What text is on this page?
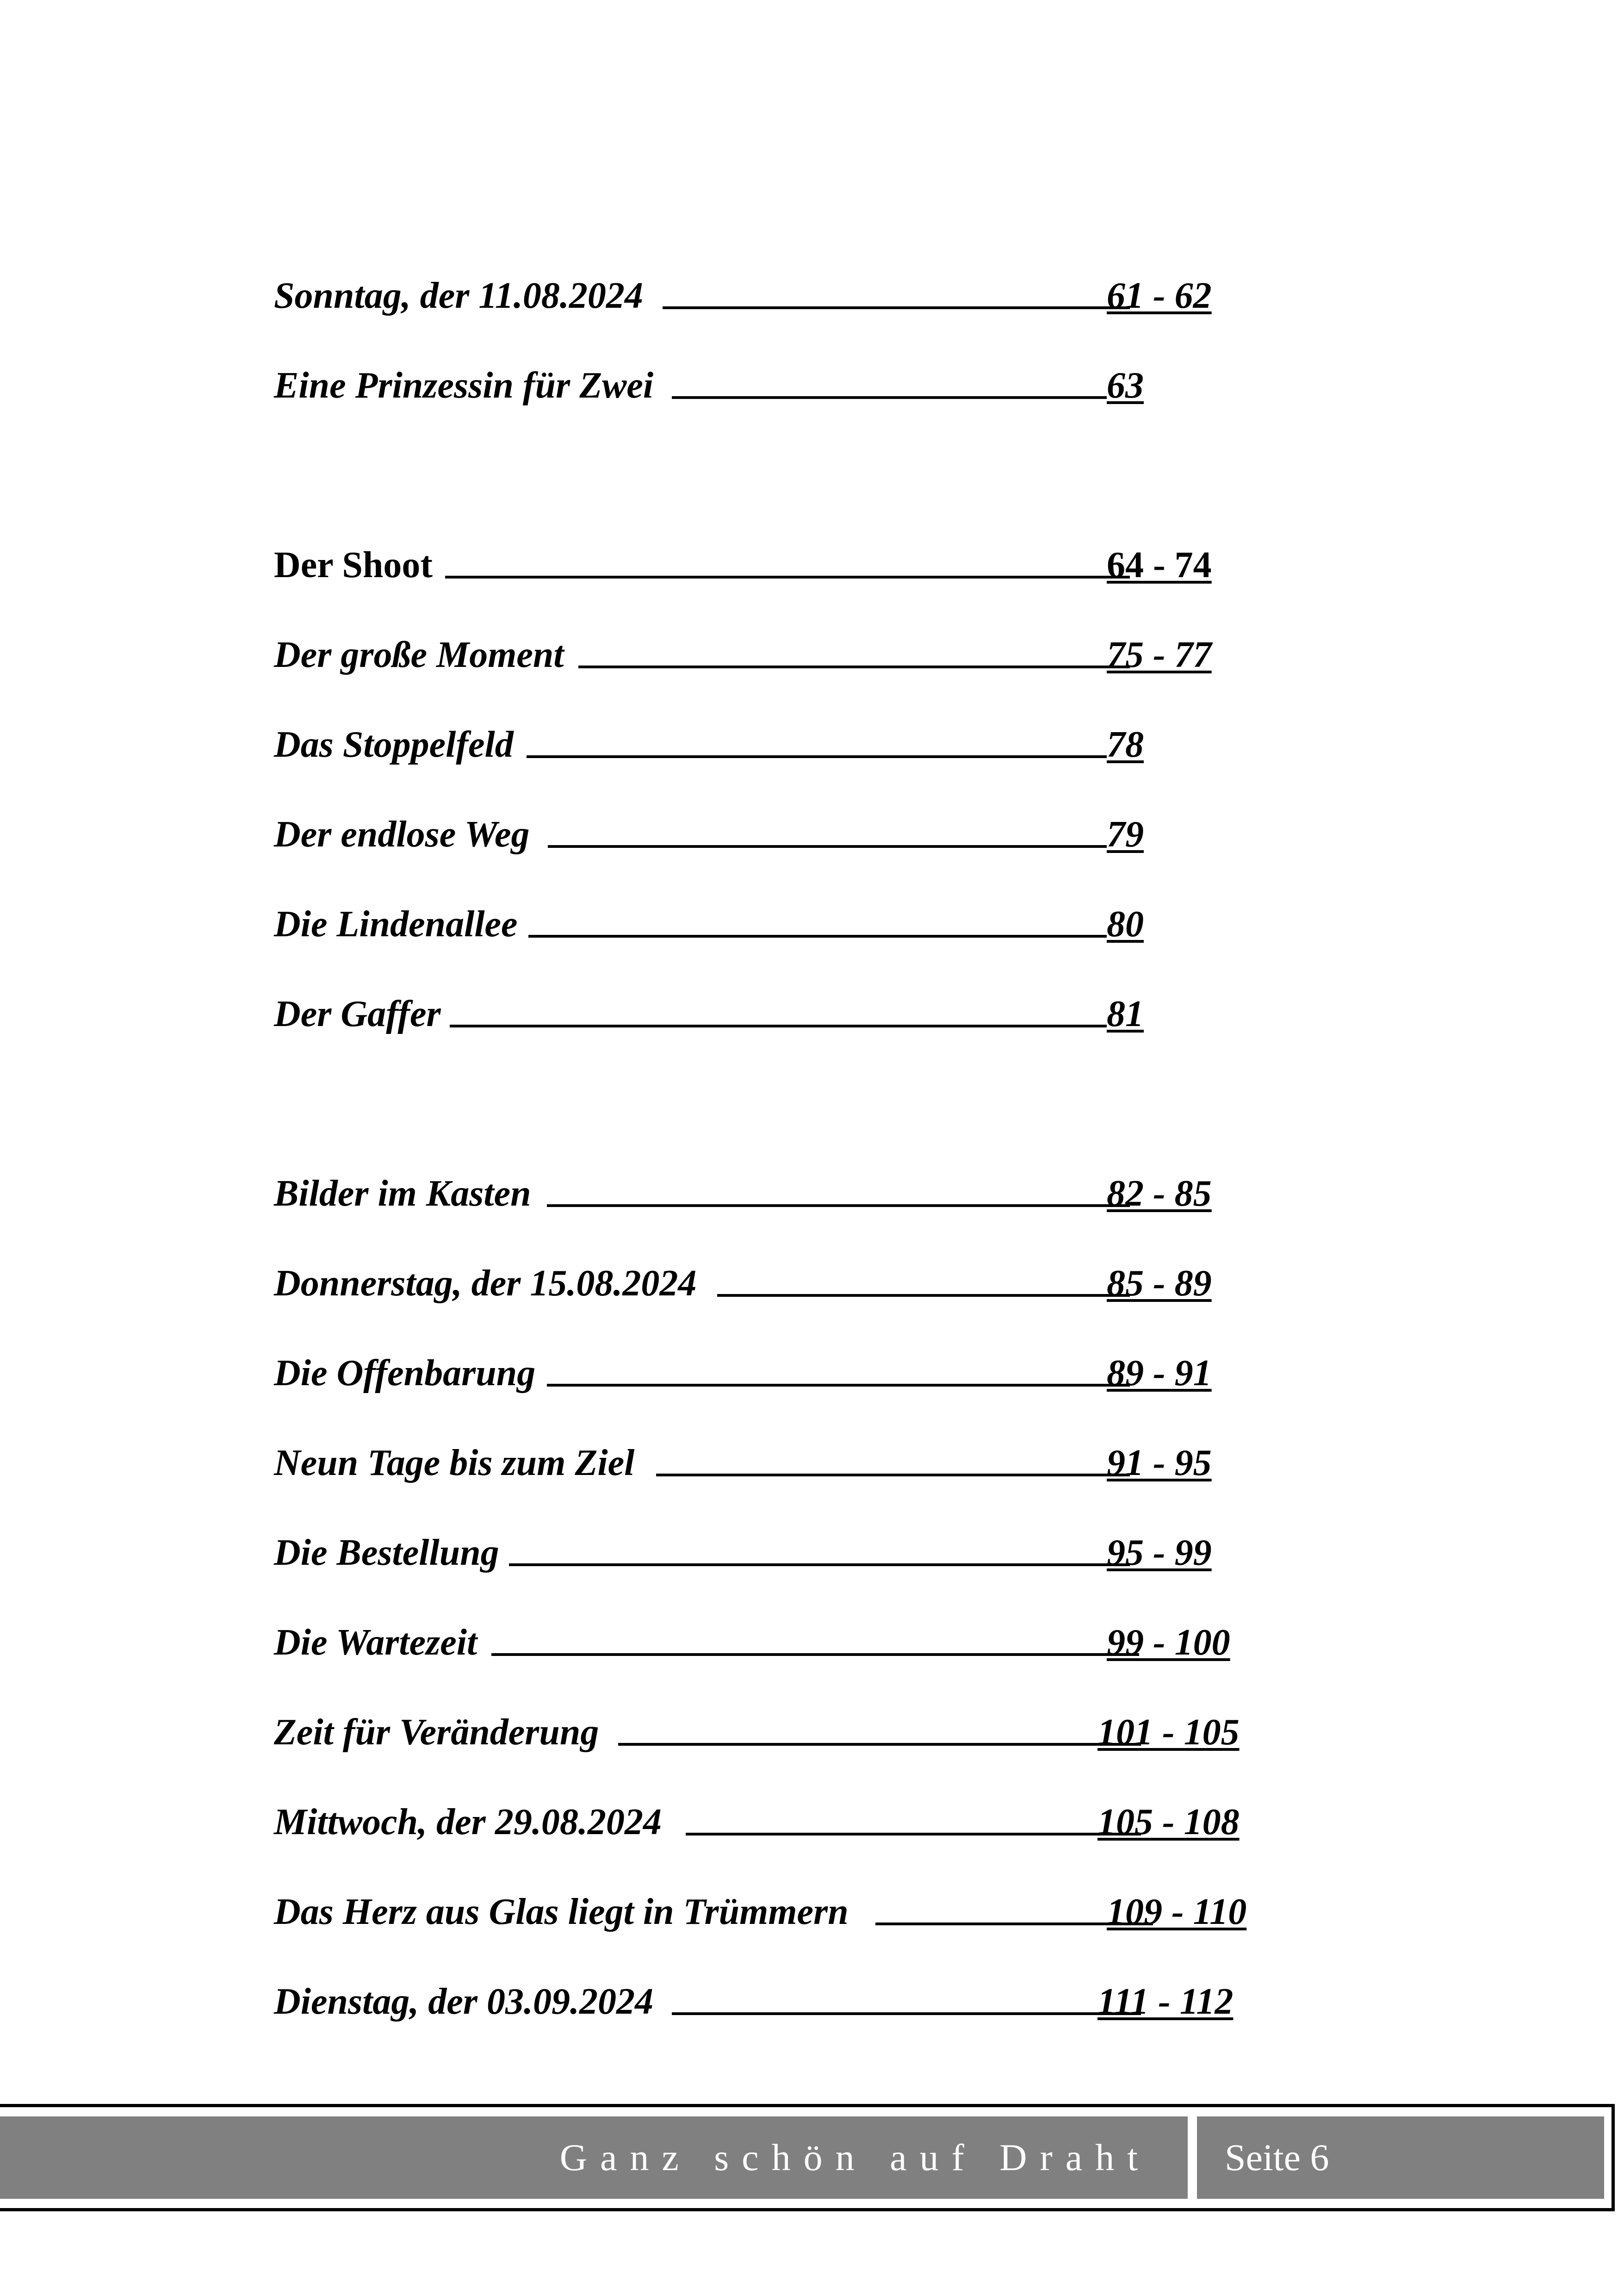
Sonntag, der 11.08.2024	61 - 62
Eine Prinzessin für Zwei	63
Der Shoot	64 - 74
Der große Moment	75 - 77
Das Stoppelfeld	78
Der endlose Weg	79
Die Lindenallee	80
Der Gaffer	81
Bilder im Kasten	82 - 85
Donnerstag, der 15.08.2024	85 - 89
Die Offenbarung	89 - 91
Neun Tage bis zum Ziel	91 - 95
Die Bestellung	95 - 99
Die Wartezeit	99 - 100
Zeit für Veränderung	101 - 105
Mittwoch, der 29.08.2024	105 - 108
Das Herz aus Glas liegt in Trümmern	109 - 110
Dienstag, der 03.09.2024	111 - 112
Ganz schön auf Draht Seite 6
